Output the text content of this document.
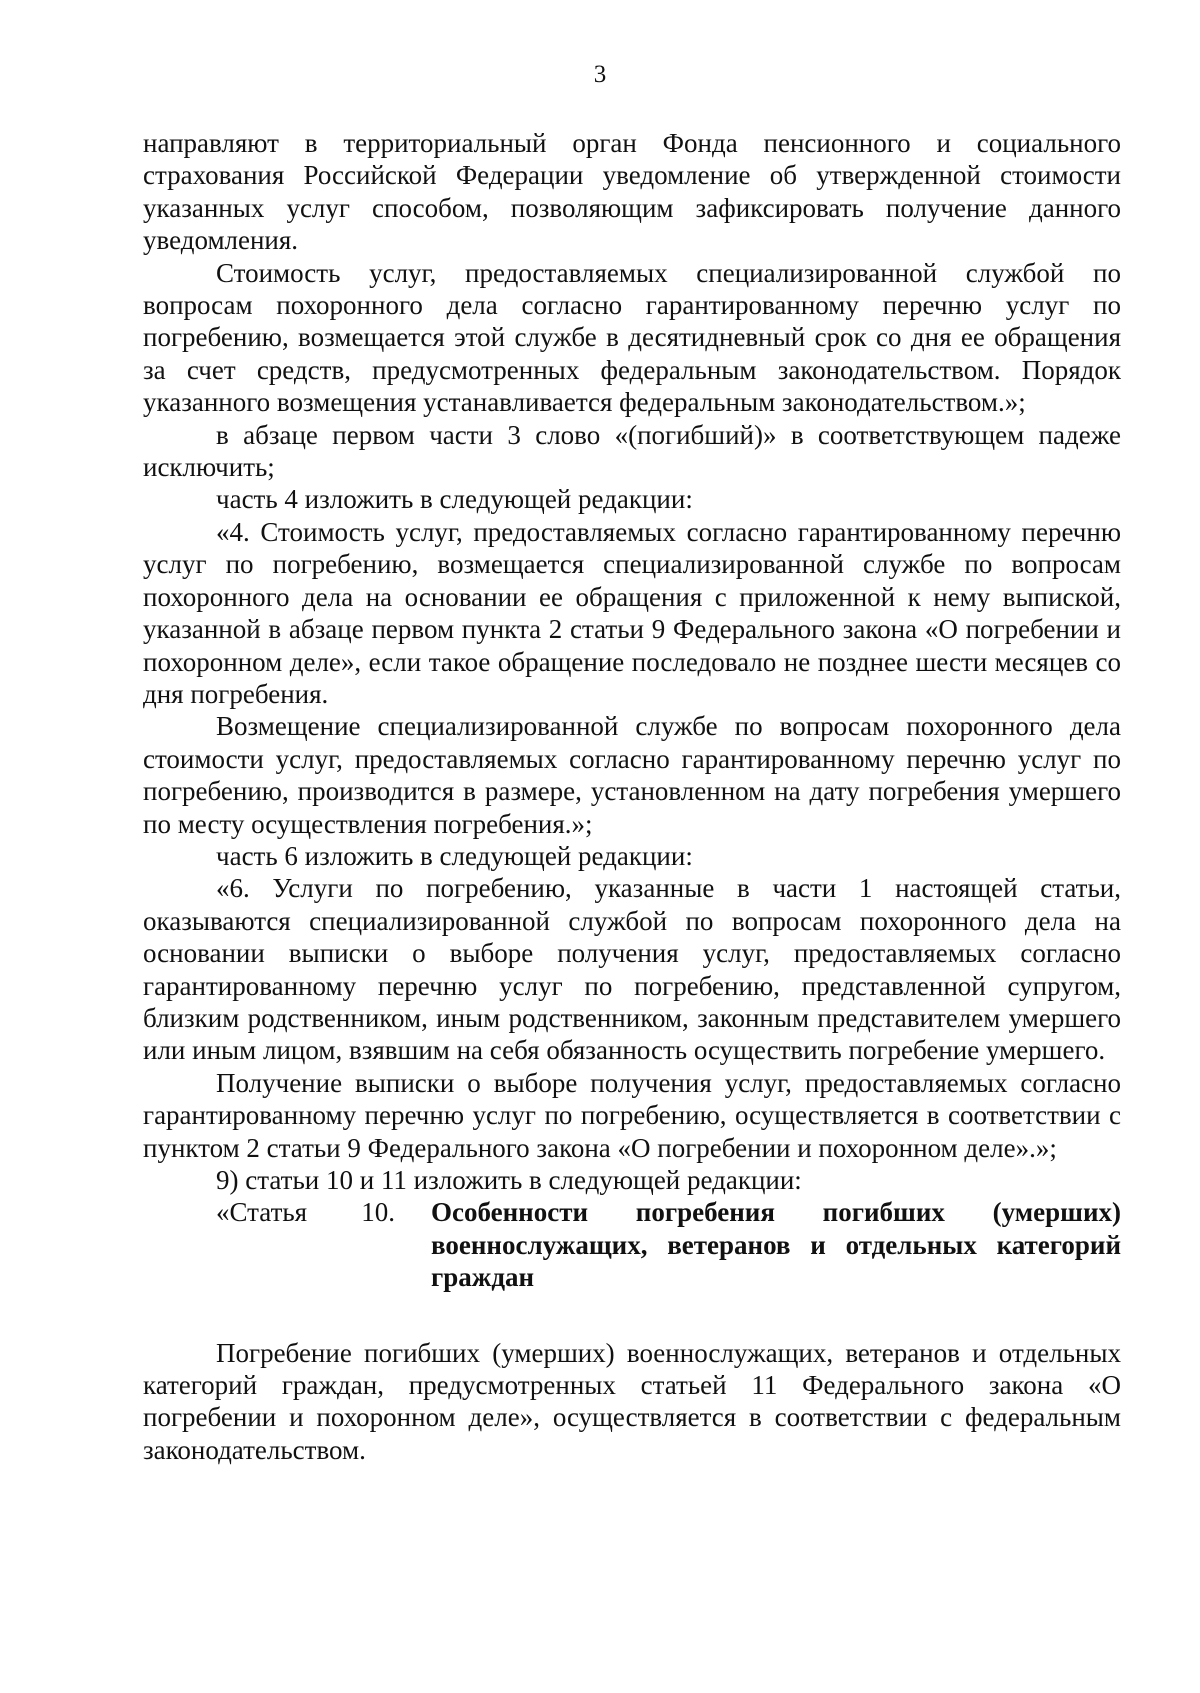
3

направляют в территориальный орган Фонда пенсионного и социального страхования Российской Федерации уведомление об утвержденной стоимости указанных услуг способом, позволяющим зафиксировать получение данного уведомления.

Стоимость услуг, предоставляемых специализированной службой по вопросам похоронного дела согласно гарантированному перечню услуг по погребению, возмещается этой службе в десятидневный срок со дня ее обращения за счет средств, предусмотренных федеральным законодательством. Порядок указанного возмещения устанавливается федеральным законодательством.»;

в абзаце первом части 3 слово «(погибший)» в соответствующем падеже исключить;

часть 4 изложить в следующей редакции:

«4. Стоимость услуг, предоставляемых согласно гарантированному перечню услуг по погребению, возмещается специализированной службе по вопросам похоронного дела на основании ее обращения с приложенной к нему выпиской, указанной в абзаце первом пункта 2 статьи 9 Федерального закона «О погребении и похоронном деле», если такое обращение последовало не позднее шести месяцев со дня погребения.

Возмещение специализированной службе по вопросам похоронного дела стоимости услуг, предоставляемых согласно гарантированному перечню услуг по погребению, производится в размере, установленном на дату погребения умершего по месту осуществления погребения.»;

часть 6 изложить в следующей редакции:

«6. Услуги по погребению, указанные в части 1 настоящей статьи, оказываются специализированной службой по вопросам похоронного дела на основании выписки о выборе получения услуг, предоставляемых согласно гарантированному перечню услуг по погребению, представленной супругом, близким родственником, иным родственником, законным представителем умершего или иным лицом, взявшим на себя обязанность осуществить погребение умершего.

Получение выписки о выборе получения услуг, предоставляемых согласно гарантированному перечню услуг по погребению, осуществляется в соответствии с пунктом 2 статьи 9 Федерального закона «О погребении и похоронном деле».»;

9) статьи 10 и 11 изложить в следующей редакции:

«Статья 10. Особенности погребения погибших (умерших) военнослужащих, ветеранов и отдельных категорий граждан

Погребение погибших (умерших) военнослужащих, ветеранов и отдельных категорий граждан, предусмотренных статьей 11 Федерального закона «О погребении и похоронном деле», осуществляется в соответствии с федеральным законодательством.
